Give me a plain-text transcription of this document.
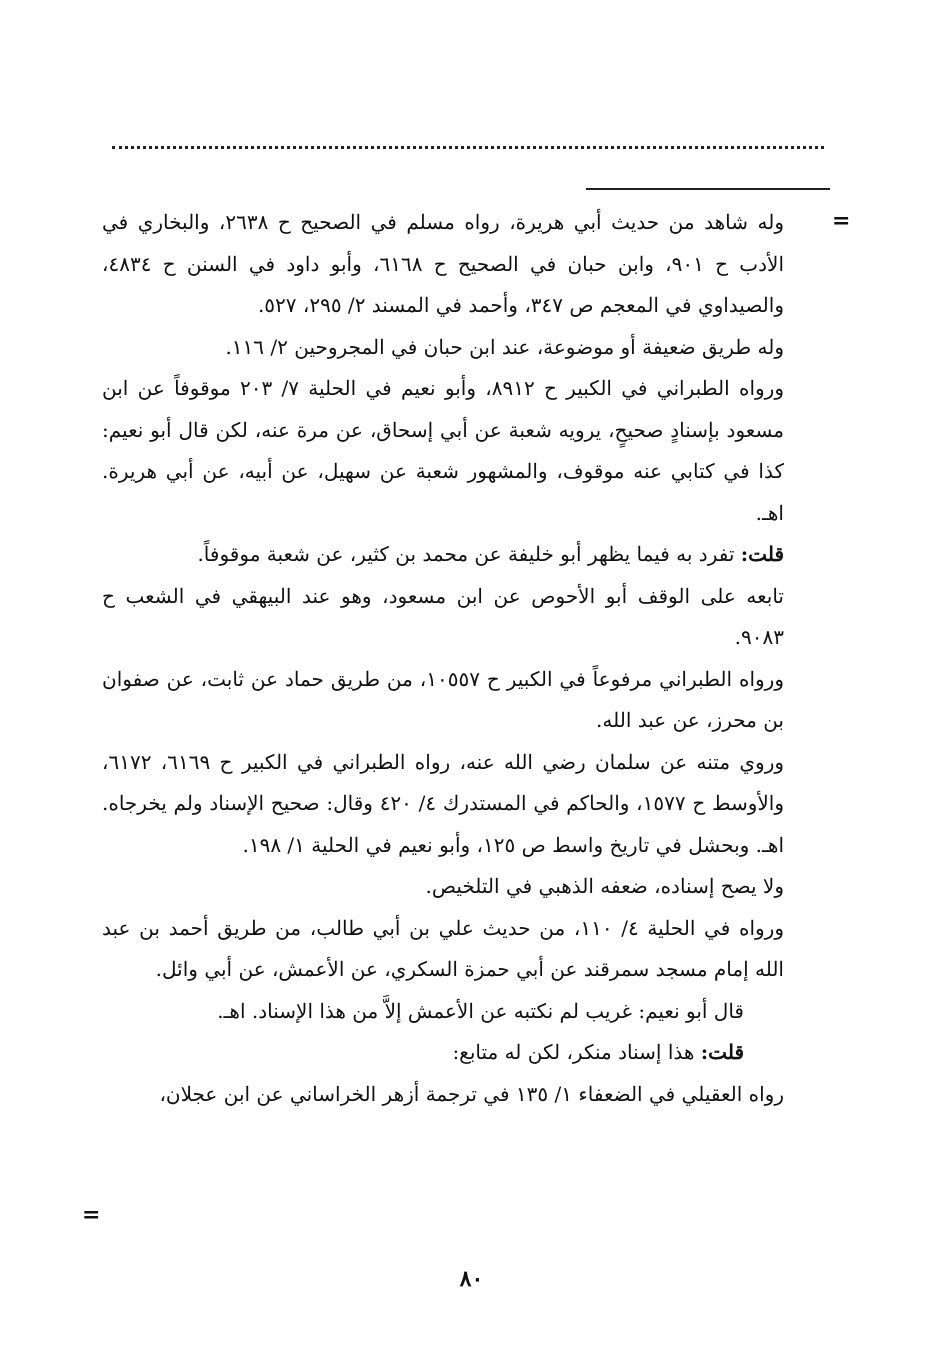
=
=

وله شاهد من حديث أبي هريرة، رواه مسلم في الصحيح ح ٢٦٣٨، والبخاري في الأدب ح ٩٠١، وابن حبان في الصحيح ح ٦١٦٨، وأبو داود في السنن ح ٤٨٣٤، والصيداوي في المعجم ص ٣٤٧، وأحمد في المسند ٢/ ٢٩٥، ٥٢٧.

وله طريق ضعيفة أو موضوعة، عند ابن حبان في المجروحين ٢/ ١١٦.

ورواه الطبراني في الكبير ح ٨٩١٢، وأبو نعيم في الحلية ٧/ ٢٠٣ موقوفاً عن ابن مسعود بإسنادٍ صحيحٍ، يرويه شعبة عن أبي إسحاق، عن مرة عنه، لكن قال أبو نعيم: كذا في كتابي عنه موقوف، والمشهور شعبة عن سهيل، عن أبيه، عن أبي هريرة. اهـ.

قلت: تفرد به فيما يظهر أبو خليفة عن محمد بن كثير، عن شعبة موقوفاً.

تابعه على الوقف أبو الأحوص عن ابن مسعود، وهو عند البيهقي في الشعب ح ٩٠٨٣.

ورواه الطبراني مرفوعاً في الكبير ح ١٠٥٥٧، من طريق حماد عن ثابت، عن صفوان بن محرز، عن عبد الله.

وروي متنه عن سلمان رضي الله عنه، رواه الطبراني في الكبير ح ٦١٦٩، ٦١٧٢، والأوسط ح ١٥٧٧، والحاكم في المستدرك ٤/ ٤٢٠ وقال: صحيح الإسناد ولم يخرجاه. اهـ. وبحشل في تاريخ واسط ص ١٢٥، وأبو نعيم في الحلية ١/ ١٩٨.

ولا يصح إسناده، ضعفه الذهبي في التلخيص.

ورواه في الحلية ٤/ ١١٠، من حديث علي بن أبي طالب، من طريق أحمد بن عبد الله إمام مسجد سمرقند عن أبي حمزة السكري، عن الأعمش، عن أبي وائل.

قال أبو نعيم: غريب لم نكتبه عن الأعمش إلاَّ من هذا الإسناد. اهـ.

قلت: هذا إسناد منكر، لكن له متابع:

رواه العقيلي في الضعفاء ١/ ١٣٥ في ترجمة أزهر الخراساني عن ابن عجلان،

٨٠
